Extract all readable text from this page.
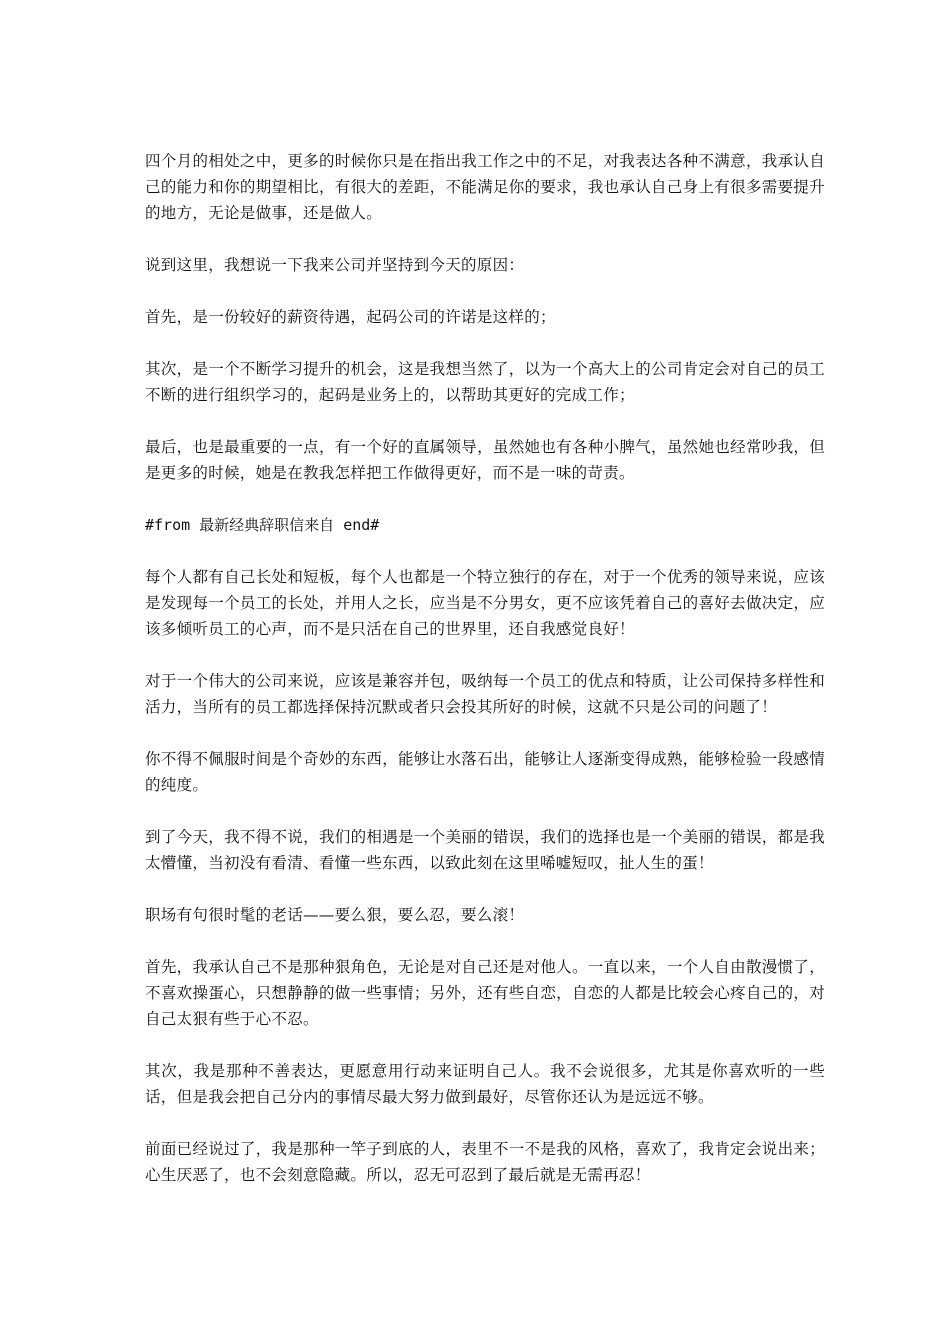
四个月的相处之中，更多的时候你只是在指出我工作之中的不足，对我表达各种不满意，我承认自己的能力和你的期望相比，有很大的差距，不能满足你的要求，我也承认自己身上有很多需要提升的地方，无论是做事，还是做人。

说到这里，我想说一下我来公司并坚持到今天的原因：

首先，是一份较好的薪资待遇，起码公司的许诺是这样的；

其次，是一个不断学习提升的机会，这是我想当然了，以为一个高大上的公司肯定会对自己的员工不断的进行组织学习的，起码是业务上的，以帮助其更好的完成工作；

最后，也是最重要的一点，有一个好的直属领导，虽然她也有各种小脾气，虽然她也经常吵我，但是更多的时候，她是在教我怎样把工作做得更好，而不是一味的苛责。

#from 最新经典辞职信来自 end#

每个人都有自己长处和短板，每个人也都是一个特立独行的存在，对于一个优秀的领导来说，应该是发现每一个员工的长处，并用人之长，应当是不分男女，更不应该凭着自己的喜好去做决定，应该多倾听员工的心声，而不是只活在自己的世界里，还自我感觉良好！

对于一个伟大的公司来说，应该是兼容并包，吸纳每一个员工的优点和特质，让公司保持多样性和活力，当所有的员工都选择保持沉默或者只会投其所好的时候，这就不只是公司的问题了！

你不得不佩服时间是个奇妙的东西，能够让水落石出，能够让人逐渐变得成熟，能够检验一段感情的纯度。

到了今天，我不得不说，我们的相遇是一个美丽的错误，我们的选择也是一个美丽的错误，都是我太懵懂，当初没有看清、看懂一些东西，以致此刻在这里唏嘘短叹，扯人生的蛋！

职场有句很时髦的老话——要么狠，要么忍，要么滚！

首先，我承认自己不是那种狠角色，无论是对自己还是对他人。一直以来，一个人自由散漫惯了，不喜欢操蛋心，只想静静的做一些事情；另外，还有些自恋，自恋的人都是比较会心疼自己的，对自己太狠有些于心不忍。

其次，我是那种不善表达，更愿意用行动来证明自己人。我不会说很多，尤其是你喜欢听的一些话，但是我会把自己分内的事情尽最大努力做到最好，尽管你还认为是远远不够。

前面已经说过了，我是那种一竿子到底的人，表里不一不是我的风格，喜欢了，我肯定会说出来；心生厌恶了，也不会刻意隐藏。所以，忍无可忍到了最后就是无需再忍！
